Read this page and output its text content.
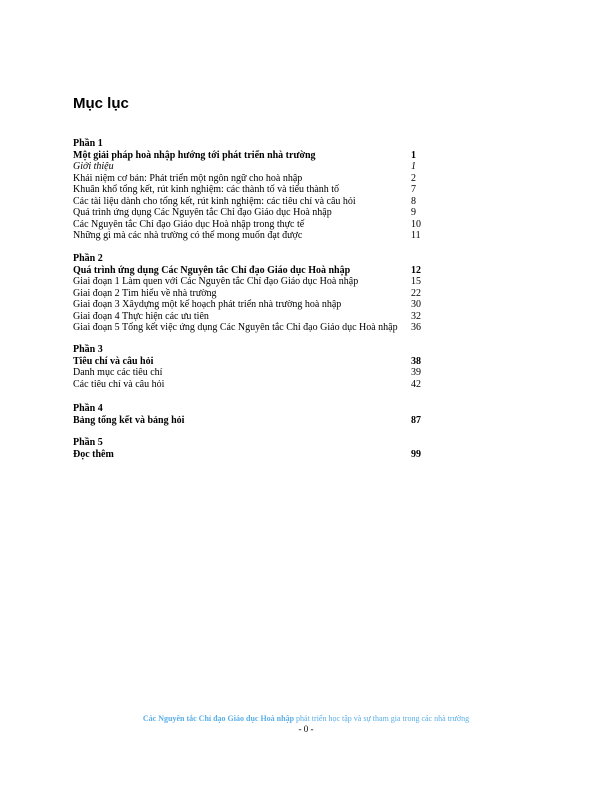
Mục lục
Phần 1
Một giải pháp hoà nhập hướng tới phát triển nhà trường	1
Giới thiệu	1
Khái niệm cơ bản: Phát triển một ngôn ngữ cho hoà nhập	2
Khuân khổ tổng kết, rút kinh nghiệm: các thành tố và tiểu thành tố	7
Các tài liệu dành cho tổng kết, rút kinh nghiệm: các tiêu chí và câu hỏi	8
Quá trình ứng dụng Các Nguyên tắc Chỉ đạo Giáo dục Hoà nhập	9
Các Nguyên tắc Chỉ đạo Giáo dục Hoà nhập trong thực tế	10
Những gì mà các nhà trường có thể mong muốn đạt được	11
Phần 2
Quá trình ứng dụng Các Nguyên tắc Chỉ đạo Giáo dục Hoà nhập	12
Giai đoạn 1 Làm quen với Các Nguyên tắc Chỉ đạo Giáo dục Hoà nhập	15
Giai đoạn 2 Tìm hiểu về nhà trường	22
Giai đoạn 3 Xâydựng một kế hoạch phát triển nhà trường hoà nhập	30
Giai đoạn 4 Thực hiện các ưu tiên	32
Giai đoạn 5 Tổng kết việc ứng dụng Các Nguyên tắc Chỉ đạo Giáo dục Hoà nhập 36
Phần 3
Tiêu chí và câu hỏi	38
Danh mục các tiêu chí	39
Các tiêu chí và câu hỏi	42
Phần 4
Bảng tổng kết và bảng hỏi	87
Phần 5
Đọc thêm	99
Các Nguyên tắc Chỉ đạo Giáo dục Hoà nhập phát triển học tập và sự tham gia trong các nhà trường
- 0 -
